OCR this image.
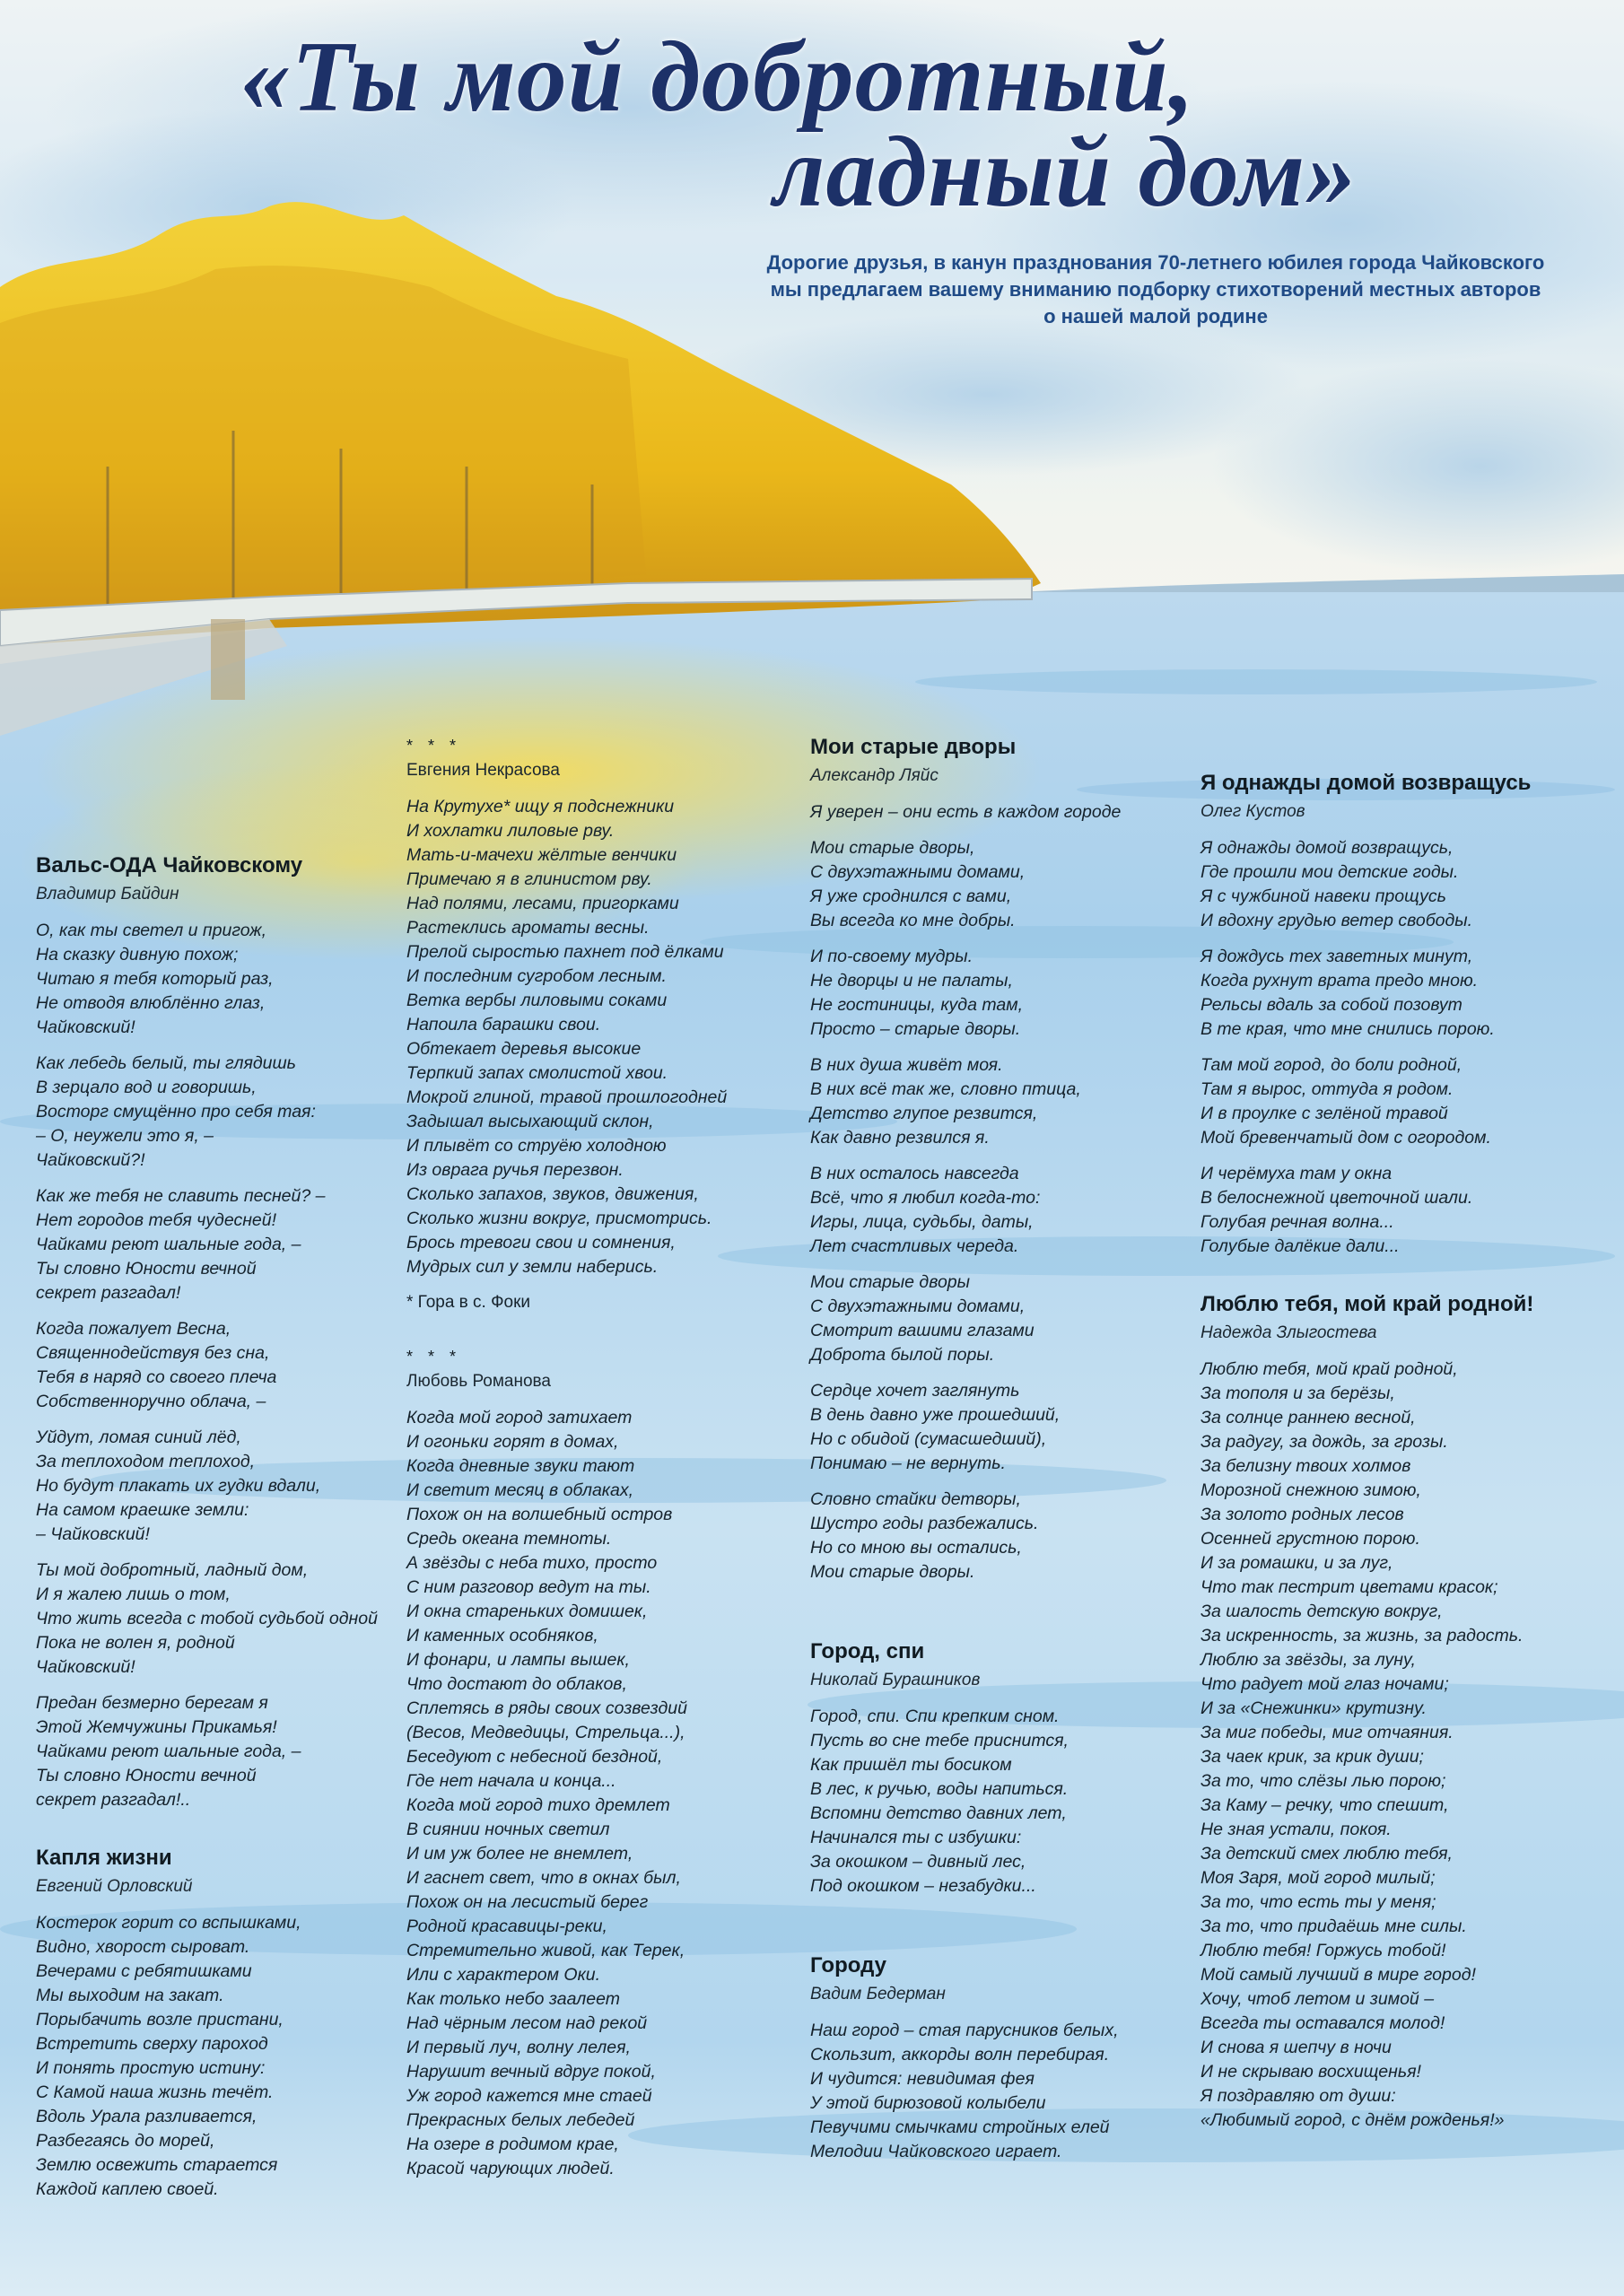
«Ты мой добротный,
ладный дом»
Дорогие друзья, в канун празднования 70-летнего юбилея города Чайковского
мы предлагаем вашему вниманию подборку стихотворений местных авторов
о нашей малой родине
Вальс-ОДА Чайковскому
Владимир Байдин
О, как ты светел и пригож,
На сказку дивную похож;
Читаю я тебя который раз,
Не отводя влюблённо глаз,
Чайковский!
Как лебедь белый, ты глядишь
В зерцало вод и говоришь,
Восторг смущённо про себя тая:
– О, неужели это я, –
Чайковский?!
Как же тебя не славить песней? –
Нет городов тебя чудесней!
Чайками реют шальные года, –
Ты словно Юности вечной
секрет разгадал!
Когда пожалует Весна,
Священнодействуя без сна,
Тебя в наряд со своего плеча
Собственноручно облача, –
Уйдут, ломая синий лёд,
За теплоходом теплоход,
Но будут плакать их гудки вдали,
На самом краешке земли:
– Чайковский!
Ты мой добротный, ладный дом,
И я жалею лишь о том,
Что жить всегда с тобой судьбой одной
Пока не волен я, родной
Чайковский!
Предан безмерно берегам я
Этой Жемчужины Прикамья!
Чайками реют шальные года, –
Ты словно Юности вечной
секрет разгадал!..
Капля жизни
Евгений Орловский
Костерок горит со вспышками,
Видно, хворост сыроват.
Вечерами с ребятишками
Мы выходим на закат.
Порыбачить возле пристани,
Встретить сверху пароход
И понять простую истину:
С Камой наша жизнь течёт.
Вдоль Урала разливается,
Разбегаясь до морей,
Землю освежить старается
Каждой каплею своей.
* * *
Евгения Некрасова
На Крутухе* ищу я подснежники
И хохлатки лиловые рву.
Мать-и-мачехи жёлтые венчики
Примечаю я в глинистом рву.
Над полями, лесами, пригорками
Растеклись ароматы весны.
Прелой сыростью пахнет под ёлками
И последним сугробом лесным.
Ветка вербы лиловыми соками
Напоила барашки свои.
Обтекает деревья высокие
Терпкий запах смолистой хвои.
Мокрой глиной, травой прошлогодней
Задышал высыхающий склон,
И плывёт со струёю холодною
Из оврага ручья перезвон.
Сколько запахов, звуков, движения,
Сколько жизни вокруг, присмотрись.
Брось тревоги свои и сомнения,
Мудрых сил у земли наберись.
* Гора в с. Фоки
* * *
Любовь Романова
Когда мой город затихает
И огоньки горят в домах,
Когда дневные звуки тают
И светит месяц в облаках,
Похож он на волшебный остров
Средь океана темноты.
А звёзды с неба тихо, просто
С ним разговор ведут на ты.
И окна стареньких домишек,
И каменных особняков,
И фонари, и лампы вышек,
Что достают до облаков,
Сплетясь в ряды своих созвездий
(Весов, Медведицы, Стрельца...),
Беседуют с небесной бездной,
Где нет начала и конца...
Когда мой город тихо дремлет
В сиянии ночных светил
И им уж более не внемлет,
И гаснет свет, что в окнах был,
Похож он на лесистый берег
Родной красавицы-реки,
Стремительно живой, как Терек,
Или с характером Оки.
Как только небо заалеет
Над чёрным лесом над рекой
И первый луч, волну лелея,
Нарушит вечный вдруг покой,
Уж город кажется мне стаей
Прекрасных белых лебедей
На озере в родимом крае,
Красой чарующих людей.
Мои старые дворы
Александр Ляйс
Я уверен – они есть в каждом городе
Мои старые дворы,
С двухэтажными домами,
Я уже сроднился с вами,
Вы всегда ко мне добры.
И по-своему мудры.
Не дворцы и не палаты,
Не гостиницы, куда там,
Просто – старые дворы.
В них душа живёт моя.
В них всё так же, словно птица,
Детство глупое резвится,
Как давно резвился я.
В них осталось навсегда
Всё, что я любил когда-то:
Игры, лица, судьбы, даты,
Лет счастливых череда.
Мои старые дворы
С двухэтажными домами,
Смотрит вашими глазами
Доброта былой поры.
Сердце хочет заглянуть
В день давно уже прошедший,
Но с обидой (сумасшедший),
Понимаю – не вернуть.
Словно стайки детворы,
Шустро годы разбежались.
Но со мною вы остались,
Мои старые дворы.
Город, спи
Николай Бурашников
Город, спи. Спи крепким сном.
Пусть во сне тебе приснится,
Как пришёл ты босиком
В лес, к ручью, воды напиться.
Вспомни детство давних лет,
Начинался ты с избушки:
За окошком – дивный лес,
Под окошком – незабудки...
Городу
Вадим Бедерман
Наш город – стая парусников белых,
Скользит, аккорды волн перебирая.
И чудится: невидимая фея
У этой бирюзовой колыбели
Певучими смычками стройных елей
Мелодии Чайковского играет.
Я однажды домой возвращусь
Олег Кустов
Я однажды домой возвращусь,
Где прошли мои детские годы.
Я с чужбиной навеки прощусь
И вдохну грудью ветер свободы.
Я дождусь тех заветных минут,
Когда рухнут врата предо мною.
Рельсы вдаль за собой позовут
В те края, что мне снились порою.
Там мой город, до боли родной,
Там я вырос, оттуда я родом.
И в проулке с зелёной травой
Мой бревенчатый дом с огородом.
И черёмуха там у окна
В белоснежной цветочной шали.
Голубая речная волна...
Голубые далёкие дали...
Люблю тебя, мой край родной!
Надежда Злыгостева
Люблю тебя, мой край родной,
За тополя и за берёзы,
За солнце раннею весной,
За радугу, за дождь, за грозы.
За белизну твоих холмов
Морозной снежною зимою,
За золото родных лесов
Осенней грустною порою.
И за ромашки, и за луг,
Что так пестрит цветами красок;
За шалость детскую вокруг,
За искренность, за жизнь, за радость.
Люблю за звёзды, за луну,
Что радует мой глаз ночами;
И за «Снежинки» крутизну.
За миг победы, миг отчаяния.
За чаек крик, за крик души;
За то, что слёзы лью порою;
За Каму – речку, что спешит,
Не зная устали, покоя.
За детский смех люблю тебя,
Моя Заря, мой город милый;
За то, что есть ты у меня;
За то, что придаёшь мне силы.
Люблю тебя! Горжусь тобой!
Мой самый лучший в мире город!
Хочу, чтоб летом и зимой –
Всегда ты оставался молод!
И снова я шепчу в ночи
И не скрываю восхищенья!
Я поздравляю от души:
«Любимый город, с днём рожденья!»
